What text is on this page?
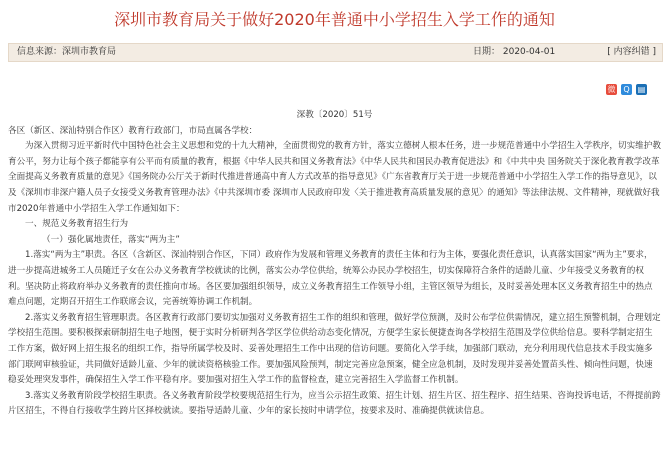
深圳市教育局关于做好2020年普通中小学招生入学工作的通知
信息来源：深圳市教育局	日期： 2020-04-01	[ 内容纠错 ]
微 Q ▤

深教〔2020〕51号

各区（新区、深汕特别合作区）教育行政部门，市局直属各学校：

为深入贯彻习近平新时代中国特色社会主义思想和党的十九大精神，全面贯彻党的教育方针，落实立德树人根本任务，进一步规范普通中小学招生入学秩序，切实维护教育公平，努力让每个孩子都能享有公平而有质量的教育，根据《中华人民共和国义务教育法》《中华人民共和国民办教育促进法》和《中共中央 国务院关于深化教育教学改革全面提高义务教育质量的意见》《国务院办公厅关于新时代推进普通高中育人方式改革的指导意见》《广东省教育厅关于进一步规范普通中小学招生入学工作的指导意见》，以及《深圳市非深户籍人员子女接受义务教育管理办法》《中共深圳市委 深圳市人民政府印发〈关于推进教育高质量发展的意见〉的通知》等法律法规、文件精神，现就做好我市2020年普通中小学招生入学工作通知如下：

一、规范义务教育招生行为

（一）强化属地责任，落实“两为主”

1.落实“两为主”职责。各区（含新区、深汕特别合作区，下同）政府作为发展和管理义务教育的责任主体和行为主体，要强化责任意识，认真落实国家“两为主”要求，进一步提高进城务工人员随迁子女在公办义务教育学校就读的比例，落实公办学位供给，统筹公办民办学校招生，切实保障符合条件的适龄儿童、少年接受义务教育的权利。坚决防止将政府举办义务教育的责任推向市场。各区要加强组织领导，成立义务教育招生工作领导小组，主管区领导为组长，及时妥善处理本区义务教育招生中的热点难点问题，定期召开招生工作联席会议，完善统筹协调工作机制。

2.落实义务教育招生管理职责。各区教育行政部门要切实加强对义务教育招生工作的组织和管理，做好学位预测，及时公布学位供需情况，建立招生预警机制，合理划定学校招生范围。要积极探索研制招生电子地图，便于实时分析研判各学区学位供给动态变化情况，方便学生家长便捷查询各学校招生范围及学位供给信息。要科学制定招生工作方案，做好网上招生报名的组织工作，指导所属学校及时、妥善处理招生工作中出现的信访问题。要简化入学手续，加强部门联动，充分利用现代信息技术手段实施多部门联网审核验证，共同做好适龄儿童、少年的就读资格核验工作。要加强风险预判，制定完善应急预案，健全应急机制，及时发现并妥善处置苗头性、倾向性问题，快速稳妥处理突发事件，确保招生入学工作平稳有序。要加强对招生入学工作的监督检查，建立完善招生入学监督工作机制。

3.落实义务教育阶段学校招生职责。各义务教育阶段学校要规范招生行为，应当公示招生政策、招生计划、招生片区、招生程序、招生结果、咨询投诉电话，不得提前跨片区招生，不得自行接收学生跨片区择校就读。要指导适龄儿童、少年的家长按时申请学位，按要求及时、准确提供就读信息。
